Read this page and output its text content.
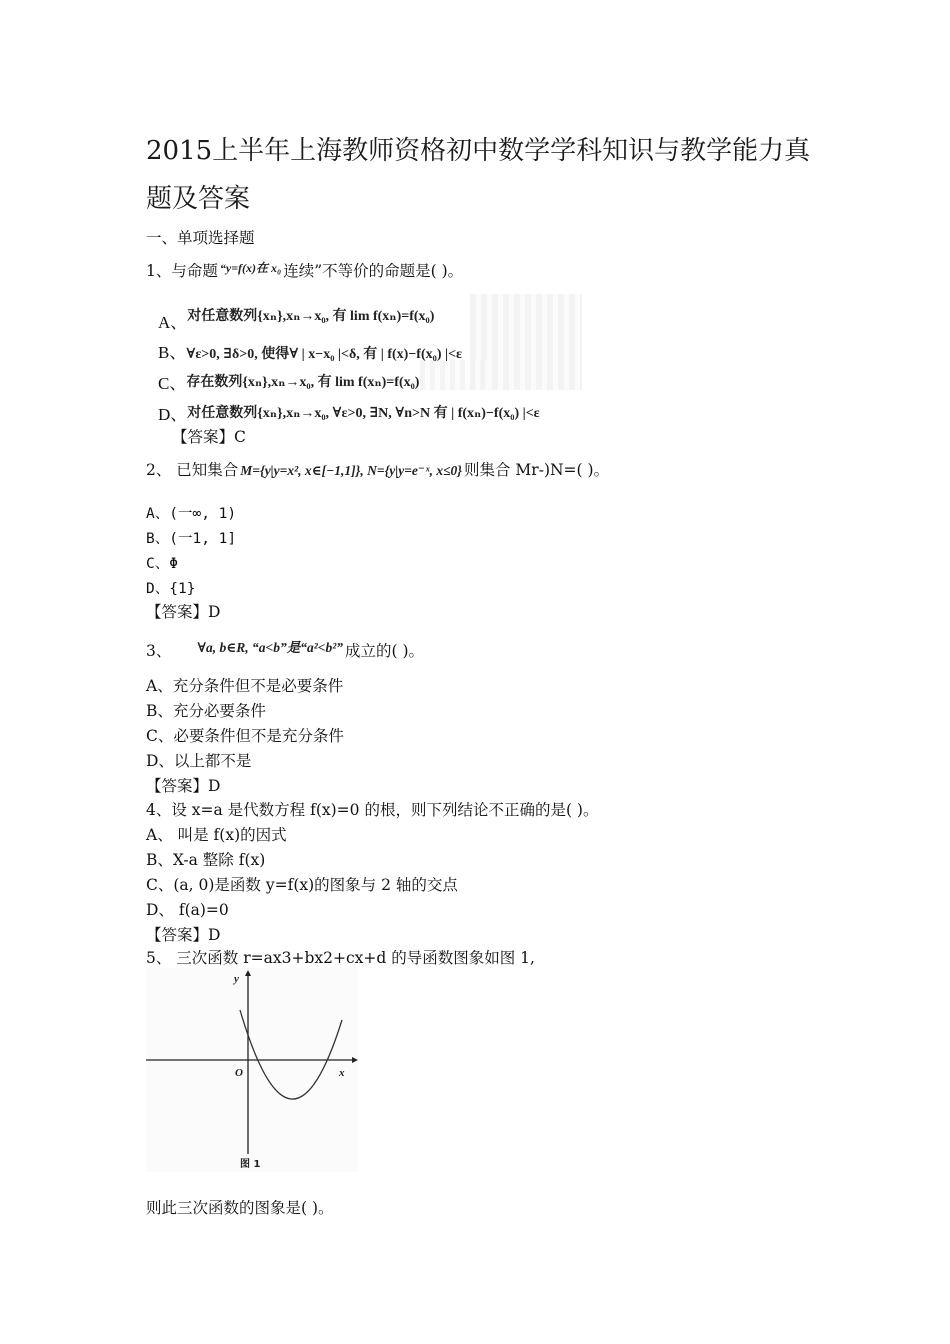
2015上半年上海教师资格初中数学学科知识与教学能力真
题及答案
一、单项选择题
1、与命题 “y=f(x)在 x₀ 连续”不等价的命题是( )。
A、对任意数列{xₙ},xₙ→x₀, 有 lim f(xₙ)=f(x₀)
B、∀ε>0, ∃δ>0, 使得∀ | x−x₀ |<δ, 有 | f(x)−f(x₀) |<ε
C、存在数列{xₙ},xₙ→x₀, 有 lim f(xₙ)=f(x₀)
D、对任意数列{xₙ},xₙ→x₀, ∀ε>0, ∃N, ∀n>N 有 | f(xₙ)−f(x₀) |<ε
【答案】C
2、 已知集合 M={y|y=x², x∈[−1,1]}, N={y|y=e⁻ˣ, x≤0} 则集合 Mr-)N=( )。
A、(一∞, 1)
B、(一1, 1]
C、Φ
D、{1}
【答案】D
3、 ∀a, b∈R, “a<b”是“a²<b²” 成立的( )。
A、充分条件但不是必要条件
B、充分必要条件
C、必要条件但不是充分条件
D、以上都不是
【答案】D
4、设 x=a 是代数方程 f(x)=0 的根，则下列结论不正确的是( )。
A、 叫是 f(x)的因式
B、X-a 整除 f(x)
C、(a, 0)是函数 y=f(x)的图象与 2 轴的交点
D、 f(a)=0
【答案】D
5、 三次函数 r=ax3+bx2+cx+d 的导函数图象如图 1,
y
x
O
图 1
则此三次函数的图象是( )。
